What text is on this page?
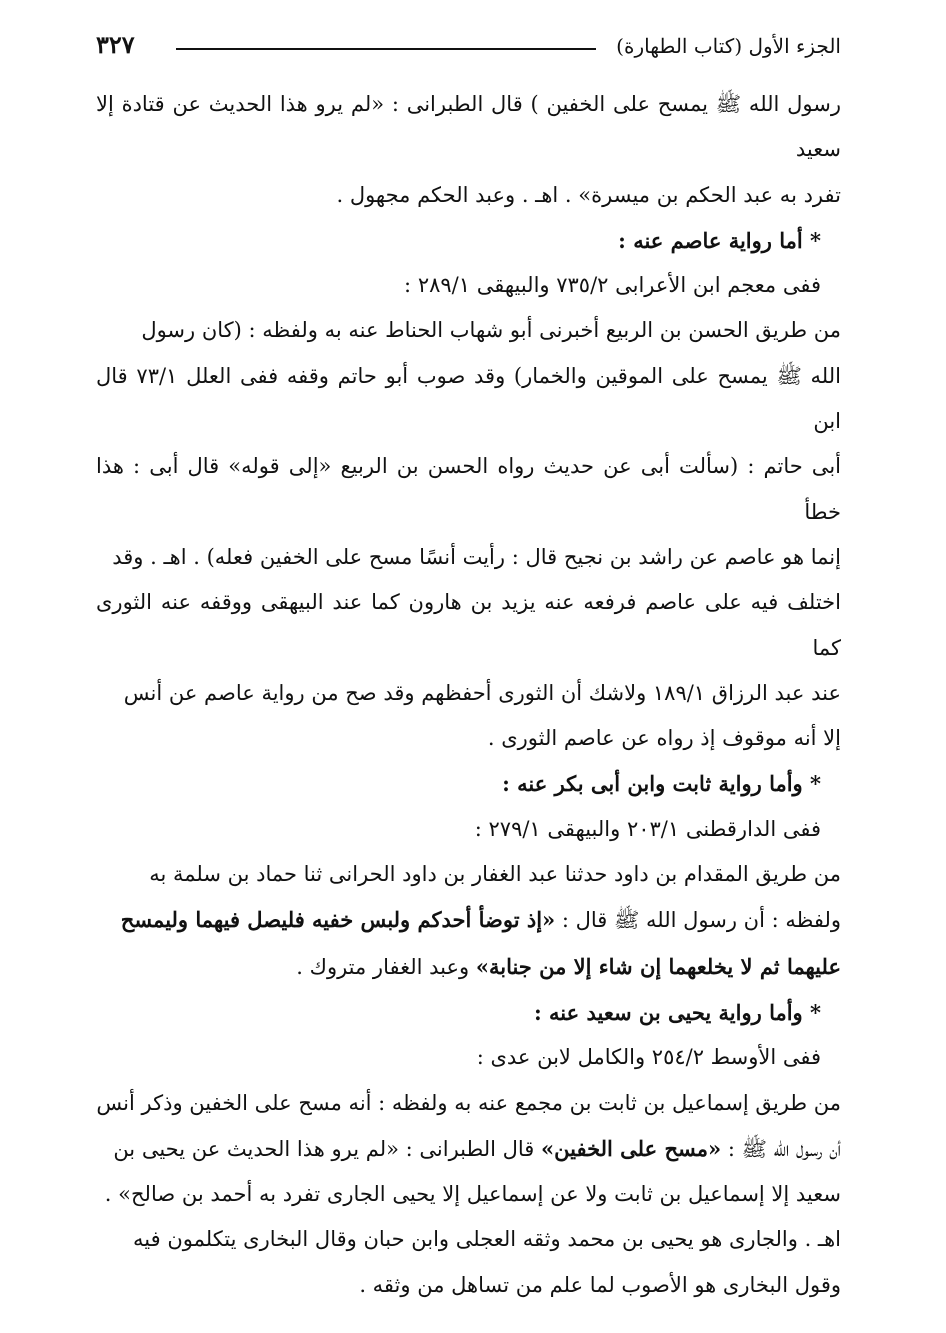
الجزء الأول (كتاب الطهارة)
٣٢٧

رسول الله ﷺ يمسح على الخفين ) قال الطبرانى : «لم يرو هذا الحديث عن قتادة إلا سعيد

تفرد به عبد الحكم بن ميسرة» . اهـ . وعبد الحكم مجهول .

* أما رواية عاصم عنه :

ففى معجم ابن الأعرابى ٧٣٥/٢ والبيهقى ٢٨٩/١ :

من طريق الحسن بن الربيع أخبرنى أبو شهاب الحناط عنه به ولفظه : (كان رسول

الله ﷺ يمسح على الموقين والخمار) وقد صوب أبو حاتم وقفه ففى العلل ٧٣/١ قال ابن

أبى حاتم : (سألت أبى عن حديث رواه الحسن بن الربيع «إلى قوله» قال أبى : هذا خطأ

إنما هو عاصم عن راشد بن نجيح قال : رأيت أنسًا مسح على الخفين فعله) . اهـ . وقد

اختلف فيه على عاصم فرفعه عنه يزيد بن هارون كما عند البيهقى ووقفه عنه الثورى كما

عند عبد الرزاق ١٨٩/١ ولاشك أن الثورى أحفظهم وقد صح من رواية عاصم عن أنس

إلا أنه موقوف إذ رواه عن عاصم الثورى .

* وأما رواية ثابت وابن أبى بكر عنه :

ففى الدارقطنى ٢٠٣/١ والبيهقى ٢٧٩/١ :

من طريق المقدام بن داود حدثنا عبد الغفار بن داود الحرانى ثنا حماد بن سلمة به

ولفظه : أن رسول الله ﷺ قال : «إذ توضأ أحدكم ولبس خفيه فليصل فيهما وليمسح

عليهما ثم لا يخلعهما إن شاء إلا من جنابة» وعبد الغفار متروك .

* وأما رواية يحيى بن سعيد عنه :

ففى الأوسط ٢٥٤/٢ والكامل لابن عدى :

من طريق إسماعيل بن ثابت بن مجمع عنه به ولفظه : أنه مسح على الخفين وذكر أنس

أن رسول الله ﷺ : «مسح على الخفين» قال الطبرانى : «لم يرو هذا الحديث عن يحيى بن

سعيد إلا إسماعيل بن ثابت ولا عن إسماعيل إلا يحيى الجارى تفرد به أحمد بن صالح» .

اهـ . والجارى هو يحيى بن محمد وثقه العجلى وابن حبان وقال البخارى يتكلمون فيه

وقول البخارى هو الأصوب لما علم من تساهل من وثقه .
